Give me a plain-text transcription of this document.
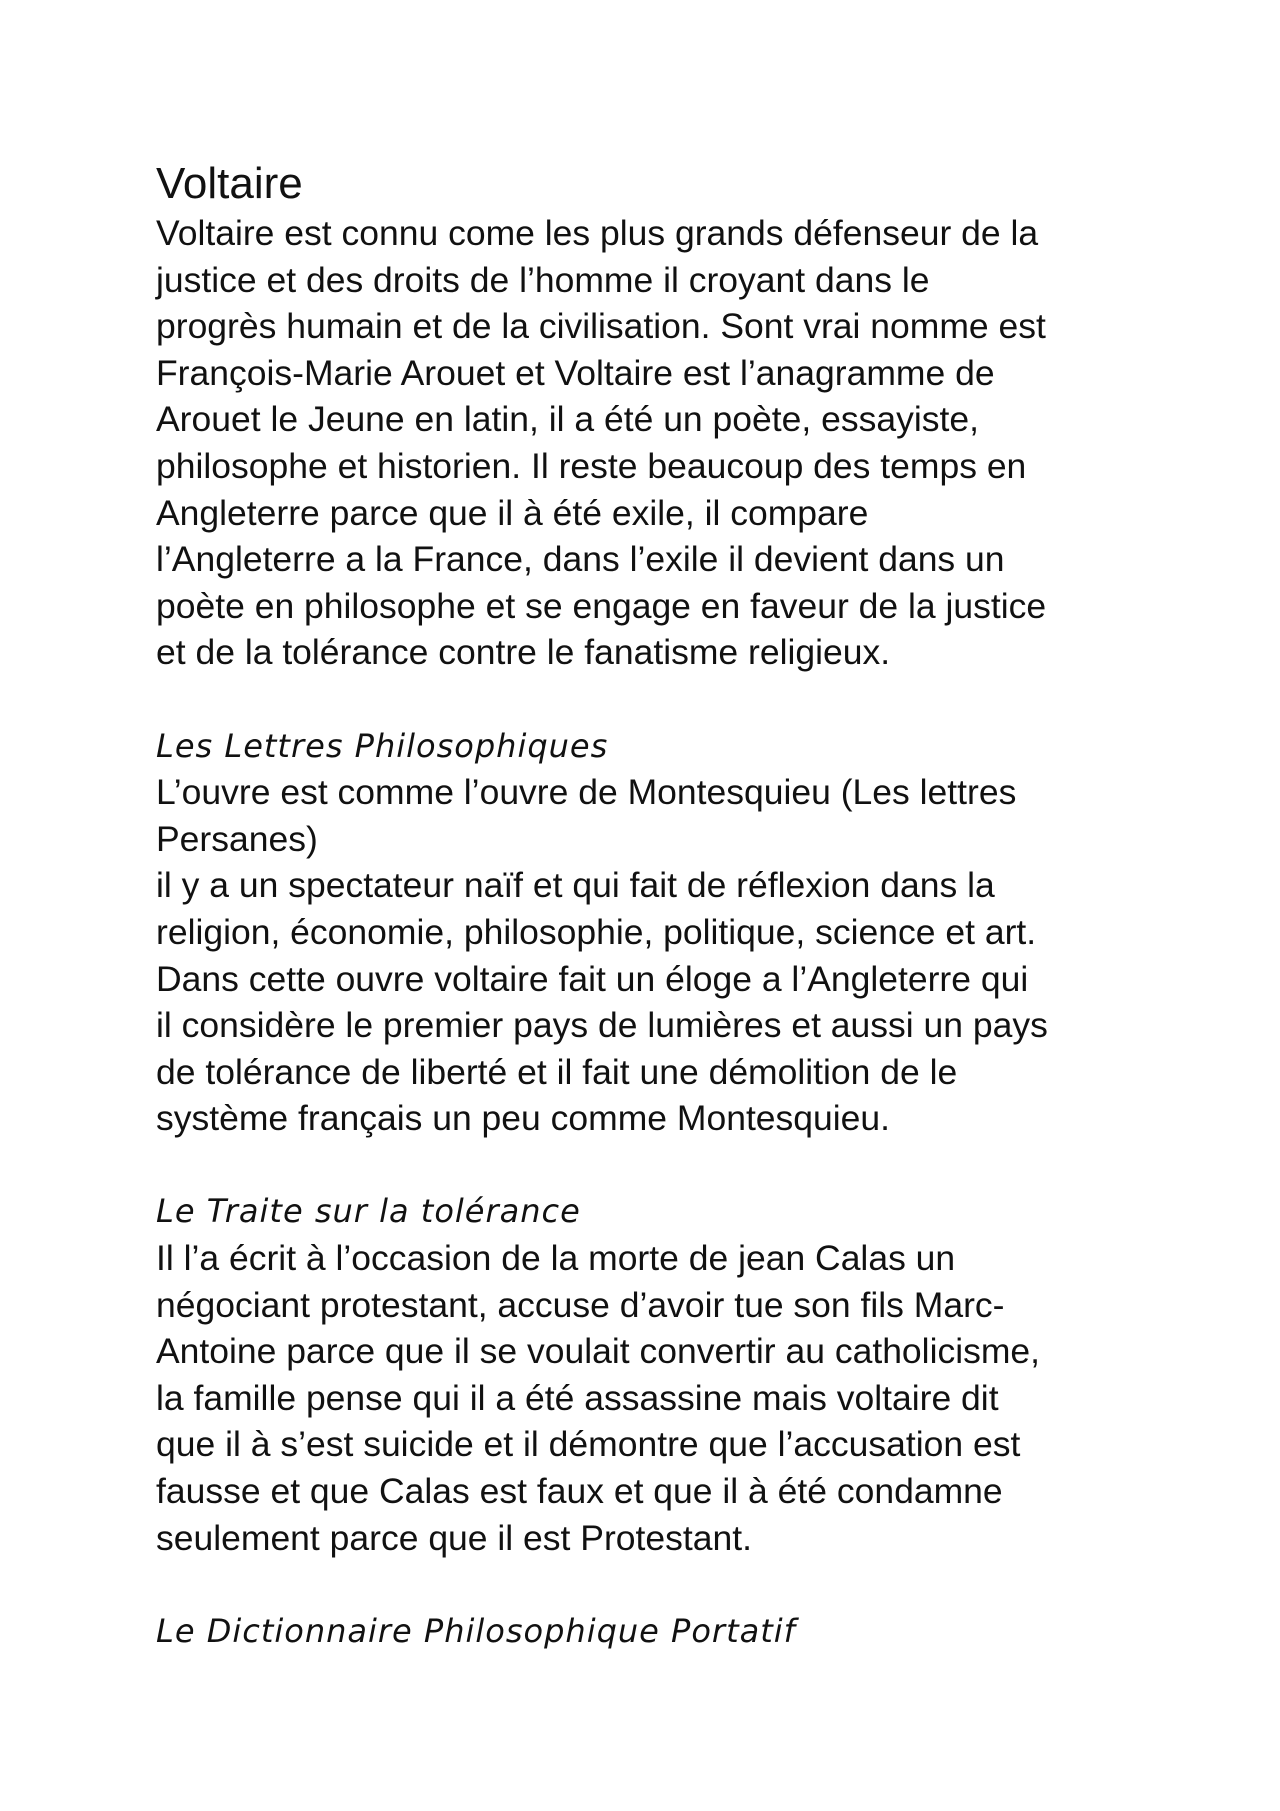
Voltaire

Voltaire est connu come les plus grands défenseur de la
justice et des droits de l’homme il croyant dans le
progrès humain et de la civilisation. Sont vrai nomme est
François-Marie Arouet et Voltaire est l’anagramme de
Arouet le Jeune en latin, il a été un poète, essayiste,
philosophe et historien. Il reste beaucoup des temps en
Angleterre parce que il à été exile, il compare
l’Angleterre a la France, dans l’exile il devient dans un
poète en philosophe et se engage en faveur de la justice
et de la tolérance contre le fanatisme religieux.

Les Lettres Philosophiques

L’ouvre est comme l’ouvre de Montesquieu (Les lettres
Persanes)
il y a un spectateur naïf et qui fait de réflexion dans la
religion, économie, philosophie, politique, science et art.
Dans cette ouvre voltaire fait un éloge a l’Angleterre qui
il considère le premier pays de lumières et aussi un pays
de tolérance de liberté et il fait une démolition de le
système français un peu comme Montesquieu.

Le Traite sur la tolérance

Il l’a écrit à l’occasion de la morte de jean Calas un
négociant protestant, accuse d’avoir tue son fils Marc-
Antoine parce que il se voulait convertir au catholicisme,
la famille pense qui il a été assassine mais voltaire dit
que il à s’est suicide et il démontre que l’accusation est
fausse et que Calas est faux et que il à été condamne
seulement parce que il est Protestant.

Le Dictionnaire Philosophique Portatif
